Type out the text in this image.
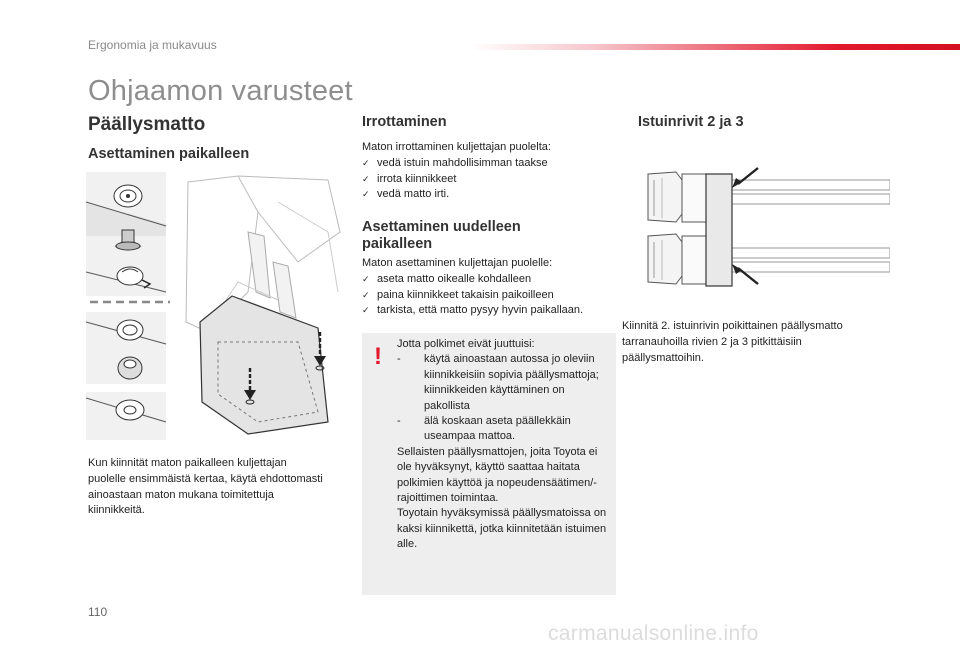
Ergonomia ja mukavuus
Ohjaamon varusteet
Päällysmatto
Asettaminen paikalleen
Kun kiinnität maton paikalleen kuljettajan puolelle ensimmäistä kertaa, käytä ehdottomasti ainoastaan maton mukana toimitettuja kiinnikkeitä.
Irrottaminen
Maton irrottaminen kuljettajan puolelta:
✓ vedä istuin mahdollisimman taakse
✓ irrota kiinnikkeet
✓ vedä matto irti.
Asettaminen uudelleen
paikalleen
Maton asettaminen kuljettajan puolelle:
✓ aseta matto oikealle kohdalleen
✓ paina kiinnikkeet takaisin paikoilleen
✓ tarkista, että matto pysyy hyvin paikallaan.
! Jotta polkimet eivät juuttuisi:
- käytä ainoastaan autossa jo oleviin kiinnikkeisiin sopivia päällysmattoja; kiinnikkeiden käyttäminen on pakollista
- älä koskaan aseta päällekkäin useampaa mattoa.
Sellaisten päällysmattojen, joita Toyota ei ole hyväksynyt, käyttö saattaa haitata polkimien käyttöä ja nopeudensäätimen/-rajoittimen toimintaa.
Toyotain hyväksymissä päällysmatoissa on kaksi kiinnikettä, jotka kiinnitetään istuimen alle.
Istuinrivit 2 ja 3
Kiinnitä 2. istuinrivin poikittainen päällysmatto tarranauhoilla rivien 2 ja 3 pitkittäisiin päällysmattoihin.
110
carmanualsonline.info
